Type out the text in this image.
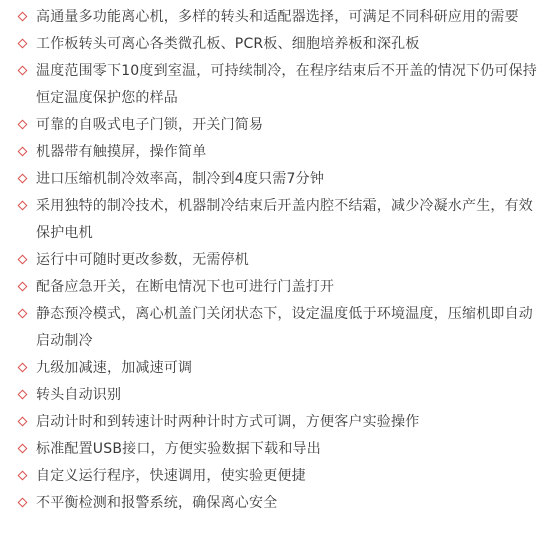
高通量多功能离心机，多样的转头和适配器选择，可满足不同科研应用的需要
工作板转头可离心各类微孔板、PCR板、细胞培养板和深孔板
温度范围零下10度到室温，可持续制冷，在程序结束后不开盖的情况下仍可保持恒定温度保护您的样品
可靠的自吸式电子门锁，开关门简易
机器带有触摸屏，操作简单
进口压缩机制冷效率高，制冷到4度只需7分钟
采用独特的制冷技术，机器制冷结束后开盖内腔不结霜，减少冷凝水产生，有效保护电机
运行中可随时更改参数，无需停机
配备应急开关，在断电情况下也可进行门盖打开
静态预冷模式，离心机盖门关闭状态下，设定温度低于环境温度，压缩机即自动启动制冷
九级加减速，加减速可调
转头自动识别
启动计时和到转速计时两种计时方式可调，方便客户实验操作
标准配置USB接口，方便实验数据下载和导出
自定义运行程序，快速调用，使实验更便捷
不平衡检测和报警系统，确保离心安全
